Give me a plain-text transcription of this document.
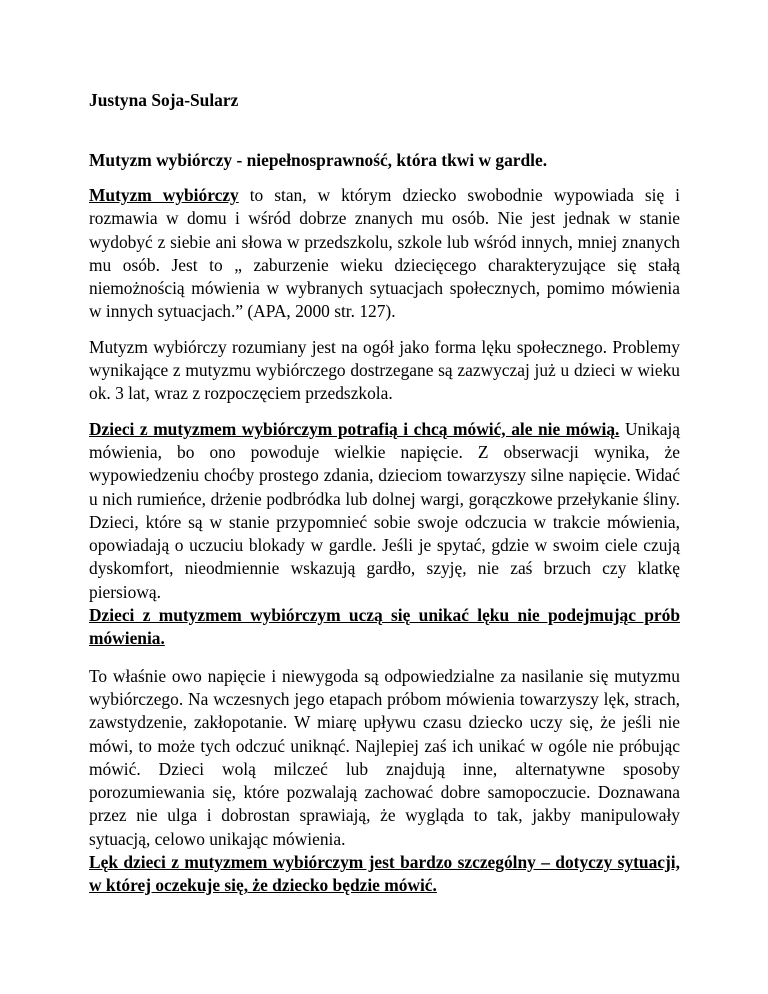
Justyna Soja-Sularz

Mutyzm wybiórczy - niepełnosprawność, która tkwi w gardle.

Mutyzm wybiórczy to stan, w którym dziecko swobodnie wypowiada się i rozmawia w domu i wśród dobrze znanych mu osób. Nie jest jednak w stanie wydobyć z siebie ani słowa w przedszkolu, szkole lub wśród innych, mniej znanych mu osób. Jest to „ zaburzenie wieku dziecięcego charakteryzujące się stałą niemożnością mówienia w wybranych sytuacjach społecznych, pomimo mówienia w innych sytuacjach.” (APA, 2000 str. 127).

Mutyzm wybiórczy rozumiany jest na ogół jako forma lęku społecznego. Problemy wynikające z mutyzmu wybiórczego dostrzegane są zazwyczaj już u dzieci w wieku ok. 3 lat, wraz z rozpoczęciem przedszkola.

Dzieci z mutyzmem wybiórczym potrafią i chcą mówić, ale nie mówią. Unikają mówienia, bo ono powoduje wielkie napięcie. Z obserwacji wynika, że wypowiedzeniu choćby prostego zdania, dzieciom towarzyszy silne napięcie. Widać u nich rumieńce, drżenie podbródka lub dolnej wargi, gorączkowe przełykanie śliny. Dzieci, które są w stanie przypomnieć sobie swoje odczucia w trakcie mówienia, opowiadają o uczuciu blokady w gardle. Jeśli je spytać, gdzie w swoim ciele czują dyskomfort, nieodmiennie wskazują gardło, szyję, nie zaś brzuch czy klatkę piersiową.

Dzieci z mutyzmem wybiórczym uczą się unikać lęku nie podejmując prób mówienia.

To właśnie owo napięcie i niewygoda są odpowiedzialne za nasilanie się mutyzmu wybiórczego. Na wczesnych jego etapach próbom mówienia towarzyszy lęk, strach, zawstydzenie, zakłopotanie. W miarę upływu czasu dziecko uczy się, że jeśli nie mówi, to może tych odczuć uniknąć. Najlepiej zaś ich unikać w ogóle nie próbując mówić. Dzieci wolą milczeć lub znajdują inne, alternatywne sposoby porozumiewania się, które pozwalają zachować dobre samopoczucie. Doznawana przez nie ulga i dobrostan sprawiają, że wygląda to tak, jakby manipulowały sytuacją, celowo unikając mówienia.

Lęk dzieci z mutyzmem wybiórczym jest bardzo szczególny – dotyczy sytuacji, w której oczekuje się, że dziecko będzie mówić.
